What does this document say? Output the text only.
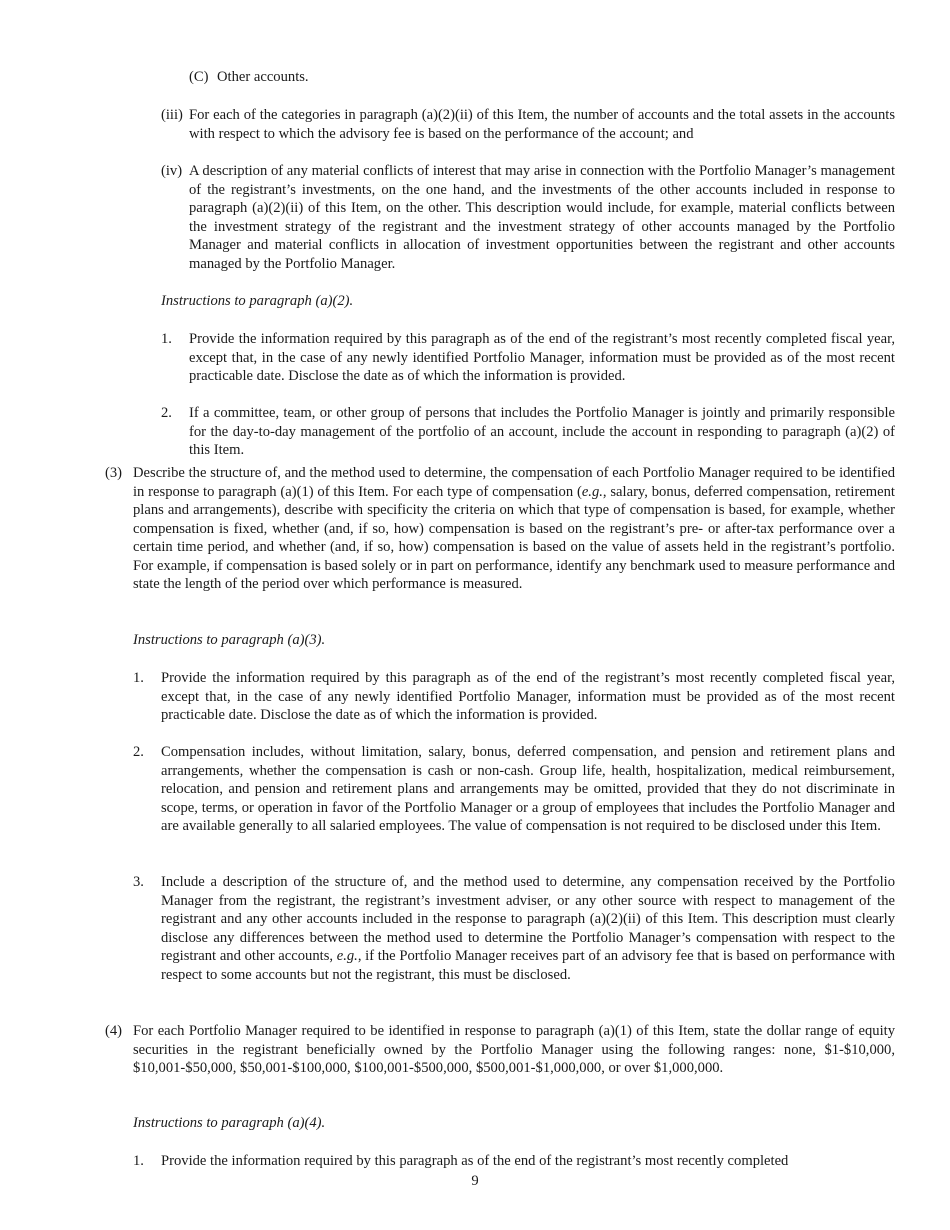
(C) Other accounts.
(iii) For each of the categories in paragraph (a)(2)(ii) of this Item, the number of accounts and the total assets in the accounts with respect to which the advisory fee is based on the performance of the account; and
(iv) A description of any material conflicts of interest that may arise in connection with the Portfolio Manager’s management of the registrant’s investments, on the one hand, and the investments of the other accounts included in response to paragraph (a)(2)(ii) of this Item, on the other. This description would include, for example, material conflicts between the investment strategy of the registrant and the investment strategy of other accounts managed by the Portfolio Manager and material conflicts in allocation of investment opportunities between the registrant and other accounts managed by the Portfolio Manager.
Instructions to paragraph (a)(2).
1. Provide the information required by this paragraph as of the end of the registrant’s most recently completed fiscal year, except that, in the case of any newly identified Portfolio Manager, information must be provided as of the most recent practicable date. Disclose the date as of which the information is provided.
2. If a committee, team, or other group of persons that includes the Portfolio Manager is jointly and primarily responsible for the day-to-day management of the portfolio of an account, include the account in responding to paragraph (a)(2) of this Item.
(3) Describe the structure of, and the method used to determine, the compensation of each Portfolio Manager required to be identified in response to paragraph (a)(1) of this Item. For each type of compensation (e.g., salary, bonus, deferred compensation, retirement plans and arrangements), describe with specificity the criteria on which that type of compensation is based, for example, whether compensation is fixed, whether (and, if so, how) compensation is based on the registrant’s pre- or after-tax performance over a certain time period, and whether (and, if so, how) compensation is based on the value of assets held in the registrant’s portfolio. For example, if compensation is based solely or in part on performance, identify any benchmark used to measure performance and state the length of the period over which performance is measured.
Instructions to paragraph (a)(3).
1. Provide the information required by this paragraph as of the end of the registrant’s most recently completed fiscal year, except that, in the case of any newly identified Portfolio Manager, information must be provided as of the most recent practicable date. Disclose the date as of which the information is provided.
2. Compensation includes, without limitation, salary, bonus, deferred compensation, and pension and retirement plans and arrangements, whether the compensation is cash or non-cash. Group life, health, hospitalization, medical reimbursement, relocation, and pension and retirement plans and arrangements may be omitted, provided that they do not discriminate in scope, terms, or operation in favor of the Portfolio Manager or a group of employees that includes the Portfolio Manager and are available generally to all salaried employees. The value of compensation is not required to be disclosed under this Item.
3. Include a description of the structure of, and the method used to determine, any compensation received by the Portfolio Manager from the registrant, the registrant’s investment adviser, or any other source with respect to management of the registrant and any other accounts included in the response to paragraph (a)(2)(ii) of this Item. This description must clearly disclose any differences between the method used to determine the Portfolio Manager’s compensation with respect to the registrant and other accounts, e.g., if the Portfolio Manager receives part of an advisory fee that is based on performance with respect to some accounts but not the registrant, this must be disclosed.
(4) For each Portfolio Manager required to be identified in response to paragraph (a)(1) of this Item, state the dollar range of equity securities in the registrant beneficially owned by the Portfolio Manager using the following ranges: none, $1-$10,000, $10,001-$50,000, $50,001-$100,000, $100,001-$500,000, $500,001-$1,000,000, or over $1,000,000.
Instructions to paragraph (a)(4).
1. Provide the information required by this paragraph as of the end of the registrant’s most recently completed
9
